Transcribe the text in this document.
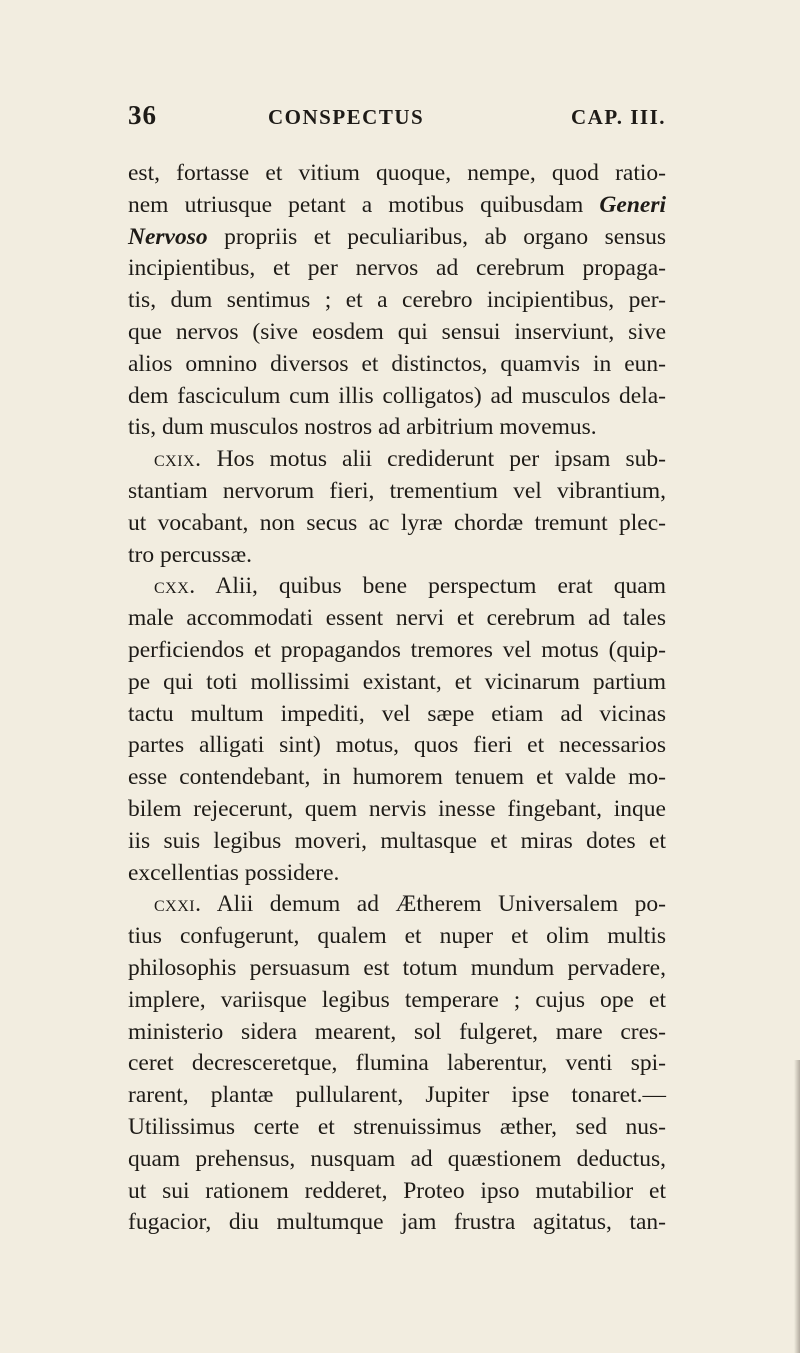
36	CONSPECTUS	CAP. III.
est, fortasse et vitium quoque, nempe, quod ratio-
nem utriusque petant a motibus quibusdam Generi
Nervoso propriis et peculiaribus, ab organo sensus
incipientibus, et per nervos ad cerebrum propaga-
tis, dum sentimus ; et a cerebro incipientibus, per-
que nervos (sive eosdem qui sensui inserviunt, sive
alios omnino diversos et distinctos, quamvis in eun-
dem fasciculum cum illis colligatos) ad musculos dela-
tis, dum musculos nostros ad arbitrium movemus.
cxix. Hos motus alii crediderunt per ipsam sub-
stantiam nervorum fieri, trementium vel vibrantium,
ut vocabant, non secus ac lyræ chordæ tremunt plec-
tro percussæ.
cxx. Alii, quibus bene perspectum erat quam
male accommodati essent nervi et cerebrum ad tales
perficiendos et propagandos tremores vel motus (quip-
pe qui toti mollissimi existant, et vicinarum partium
tactu multum impediti, vel sæpe etiam ad vicinas
partes alligati sint) motus, quos fieri et necessarios
esse contendebant, in humorem tenuem et valde mo-
bilem rejecerunt, quem nervis inesse fingebant, inque
iis suis legibus moveri, multasque et miras dotes et
excellentias possidere.
cxxi. Alii demum ad Ætherem Universalem po-
tius confugerunt, qualem et nuper et olim multis
philosophis persuasum est totum mundum pervadere,
implere, variisque legibus temperare ; cujus ope et
ministerio sidera mearent, sol fulgeret, mare cres-
ceret decresceretque, flumina laberentur, venti spi-
rarent, plantæ pullularent, Jupiter ipse tonaret.—
Utilissimus certe et strenuissimus æther, sed nus-
quam prehensus, nusquam ad quæstionem deductus,
ut sui rationem redderet, Proteo ipso mutabilior et
fugacior, diu multumque jam frustra agitatus, tan-
